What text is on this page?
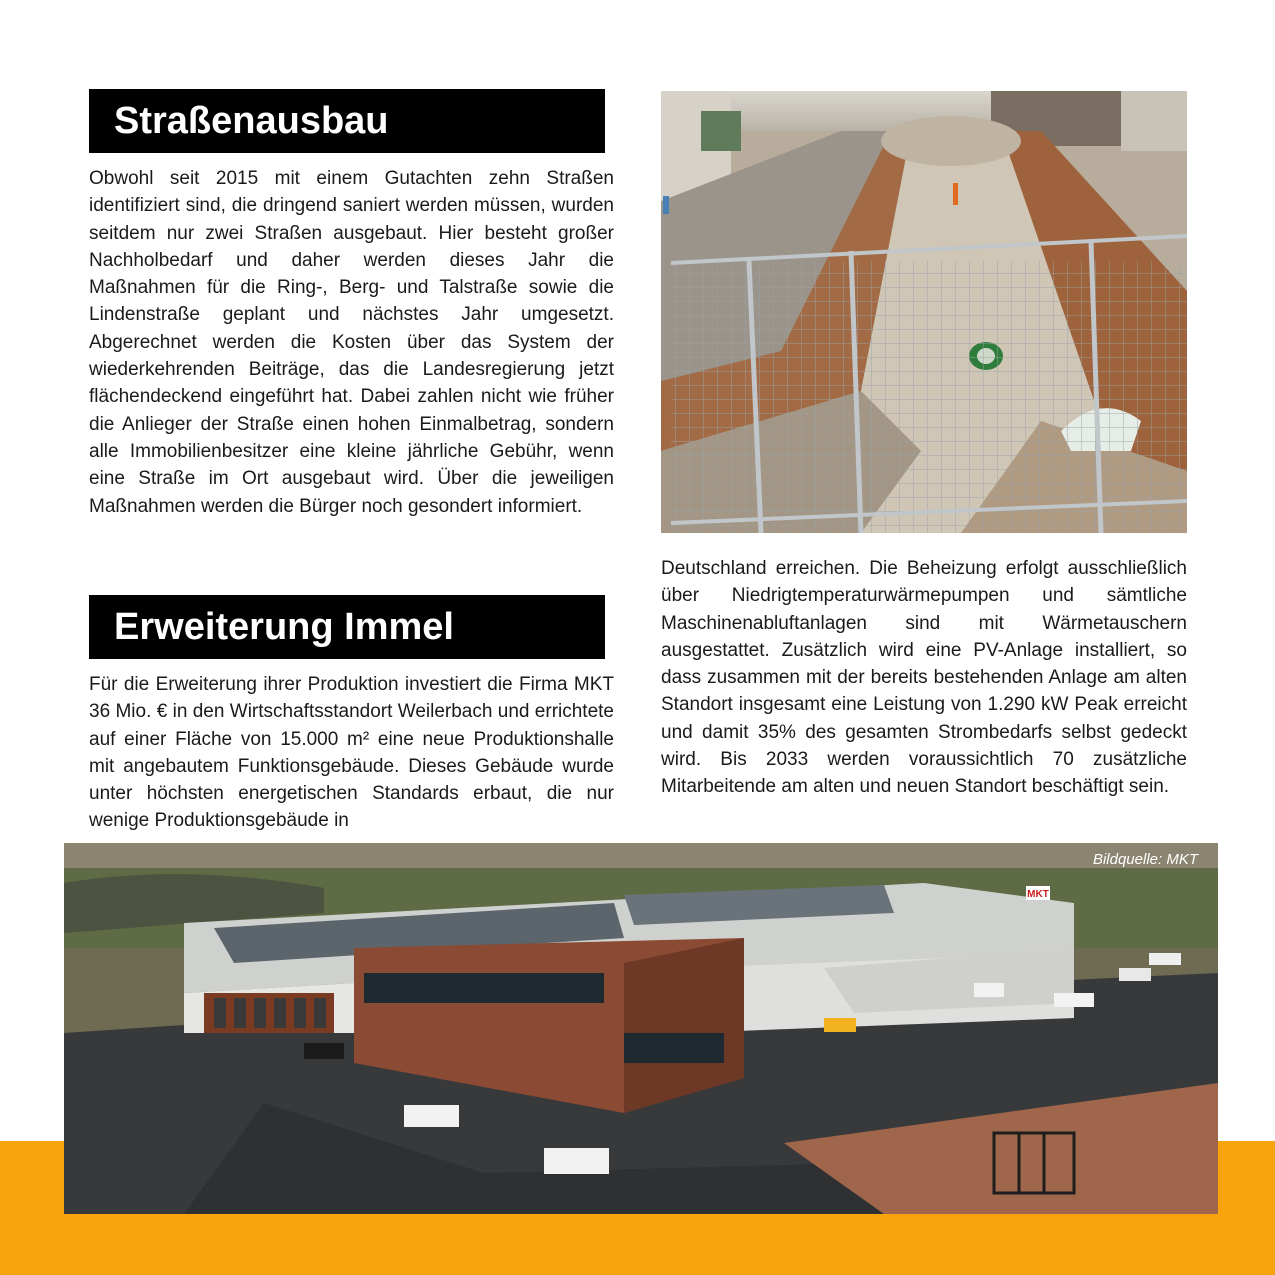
Straßenausbau

Obwohl seit 2015 mit einem Gutachten zehn Straßen identifiziert sind, die dringend saniert werden müssen, wurden seitdem nur zwei Straßen ausgebaut. Hier besteht großer Nachholbedarf und daher werden dieses Jahr die Maßnahmen für die Ring-, Berg- und Talstraße sowie die Lindenstraße geplant und nächstes Jahr umgesetzt. Abgerechnet werden die Kosten über das System der wiederkehrenden Beiträge, das die Landesregierung jetzt flächendeckend eingeführt hat. Dabei zahlen nicht wie früher die Anlieger der Straße einen hohen Einmalbetrag, sondern alle Immobilienbesitzer eine kleine jährliche Gebühr, wenn eine Straße im Ort ausgebaut wird. Über die jeweiligen Maßnahmen werden die Bürger noch gesondert informiert.

Erweiterung Immel

Für die Erweiterung ihrer Produktion investiert die Firma MKT 36 Mio. € in den Wirtschaftsstandort Weilerbach und errichtete auf einer Fläche von 15.000 m² eine neue Produktionshalle mit angebautem Funktionsgebäude. Dieses Gebäude wurde unter höchsten energetischen Standards erbaut, die nur wenige Produktionsgebäude in

Deutschland erreichen. Die Beheizung erfolgt ausschließlich über Niedrigtemperaturwärmepumpen und sämtliche Maschinenabluftanlagen sind mit Wärmetauschern ausgestattet. Zusätzlich wird eine PV-Anlage installiert, so dass zusammen mit der bereits bestehenden Anlage am alten Standort insgesamt eine Leistung von 1.290 kW Peak erreicht und damit 35% des gesamten Strombedarfs selbst gedeckt wird. Bis 2033 werden voraussichtlich 70 zusätzliche Mitarbeitende am alten und neuen Standort beschäftigt sein.

MKT
Bildquelle: MKT
